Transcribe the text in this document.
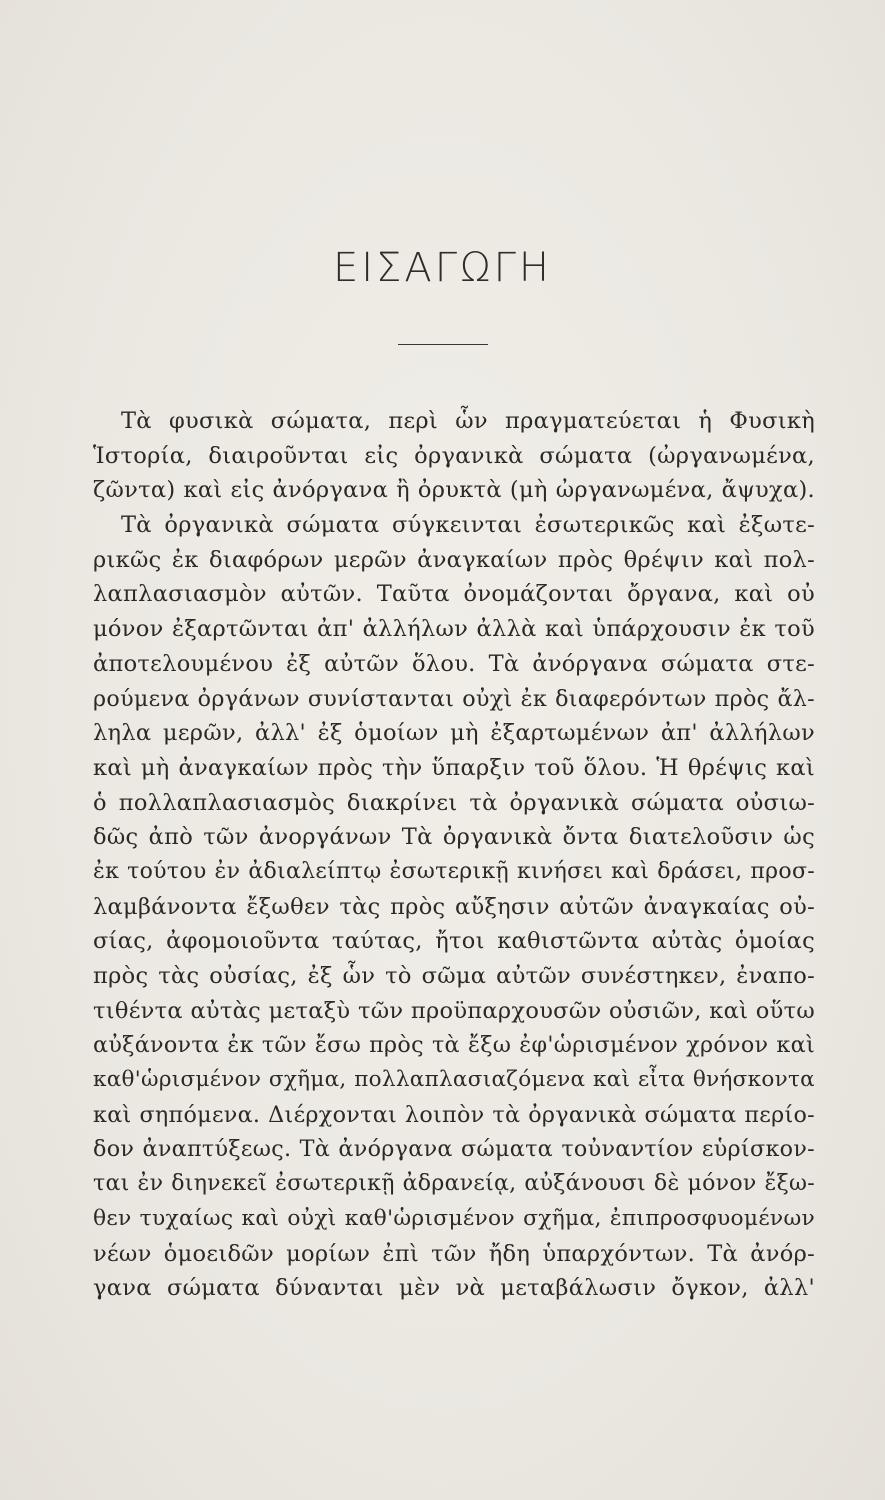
ΕΙΣΑΓΩΓΗ
Τὰ φυσικὰ σώματα, περὶ ὧν πραγματεύεται ἡ Φυσικὴ
Ἱστορία, διαιροῦνται εἰς ὀργανικὰ σώματα (ὠργανωμένα,
ζῶντα) καὶ εἰς ἀνόργανα ἢ ὀρυκτὰ (μὴ ὠργανωμένα, ἄψυχα).
Τὰ ὀργανικὰ σώματα σύγκεινται ἐσωτερικῶς καὶ ἐξωτε-
ρικῶς ἐκ διαφόρων μερῶν ἀναγκαίων πρὸς θρέψιν καὶ πολ-
λαπλασιασμὸν αὐτῶν. Ταῦτα ὀνομάζονται ὄργανα, καὶ οὐ
μόνον ἐξαρτῶνται ἀπ' ἀλλήλων ἀλλὰ καὶ ὑπάρχουσιν ἐκ τοῦ
ἀποτελουμένου ἐξ αὐτῶν ὅλου. Τὰ ἀνόργανα σώματα στε-
ρούμενα ὀργάνων συνίστανται οὐχὶ ἐκ διαφερόντων πρὸς ἄλ-
ληλα μερῶν, ἀλλ' ἐξ ὁμοίων μὴ ἐξαρτωμένων ἀπ' ἀλλήλων
καὶ μὴ ἀναγκαίων πρὸς τὴν ὕπαρξιν τοῦ ὅλου. Ἡ θρέψις καὶ
ὁ πολλαπλασιασμὸς διακρίνει τὰ ὀργανικὰ σώματα οὐσιω-
δῶς ἀπὸ τῶν ἀνοργάνων Τὰ ὀργανικὰ ὄντα διατελοῦσιν ὡς
ἐκ τούτου ἐν ἀδιαλείπτῳ ἐσωτερικῇ κινήσει καὶ δράσει, προσ-
λαμβάνοντα ἔξωθεν τὰς πρὸς αὔξησιν αὐτῶν ἀναγκαίας οὐ-
σίας, ἀφομοιοῦντα ταύτας, ἤτοι καθιστῶντα αὐτὰς ὁμοίας
πρὸς τὰς οὐσίας, ἐξ ὧν τὸ σῶμα αὐτῶν συνέστηκεν, ἐναπο-
τιθέντα αὐτὰς μεταξὺ τῶν προϋπαρχουσῶν οὐσιῶν, καὶ οὕτω
αὐξάνοντα ἐκ τῶν ἔσω πρὸς τὰ ἔξω ἐφ'ὡρισμένον χρόνον καὶ
καθ'ὡρισμένον σχῆμα, πολλαπλασιαζόμενα καὶ εἶτα θνήσκοντα
καὶ σηπόμενα. Διέρχονται λοιπὸν τὰ ὀργανικὰ σώματα περίο-
δον ἀναπτύξεως. Τὰ ἀνόργανα σώματα τοὐναντίον εὑρίσκον-
ται ἐν διηνεκεῖ ἐσωτερικῇ ἀδρανείᾳ, αὐξάνουσι δὲ μόνον ἔξω-
θεν τυχαίως καὶ οὐχὶ καθ'ὡρισμένον σχῆμα, ἐπιπροσφυομένων
νέων ὁμοειδῶν μορίων ἐπὶ τῶν ἤδη ὑπαρχόντων. Τὰ ἀνόρ-
γανα σώματα δύνανται μὲν νὰ μεταβάλωσιν ὄγκον, ἀλλ'
